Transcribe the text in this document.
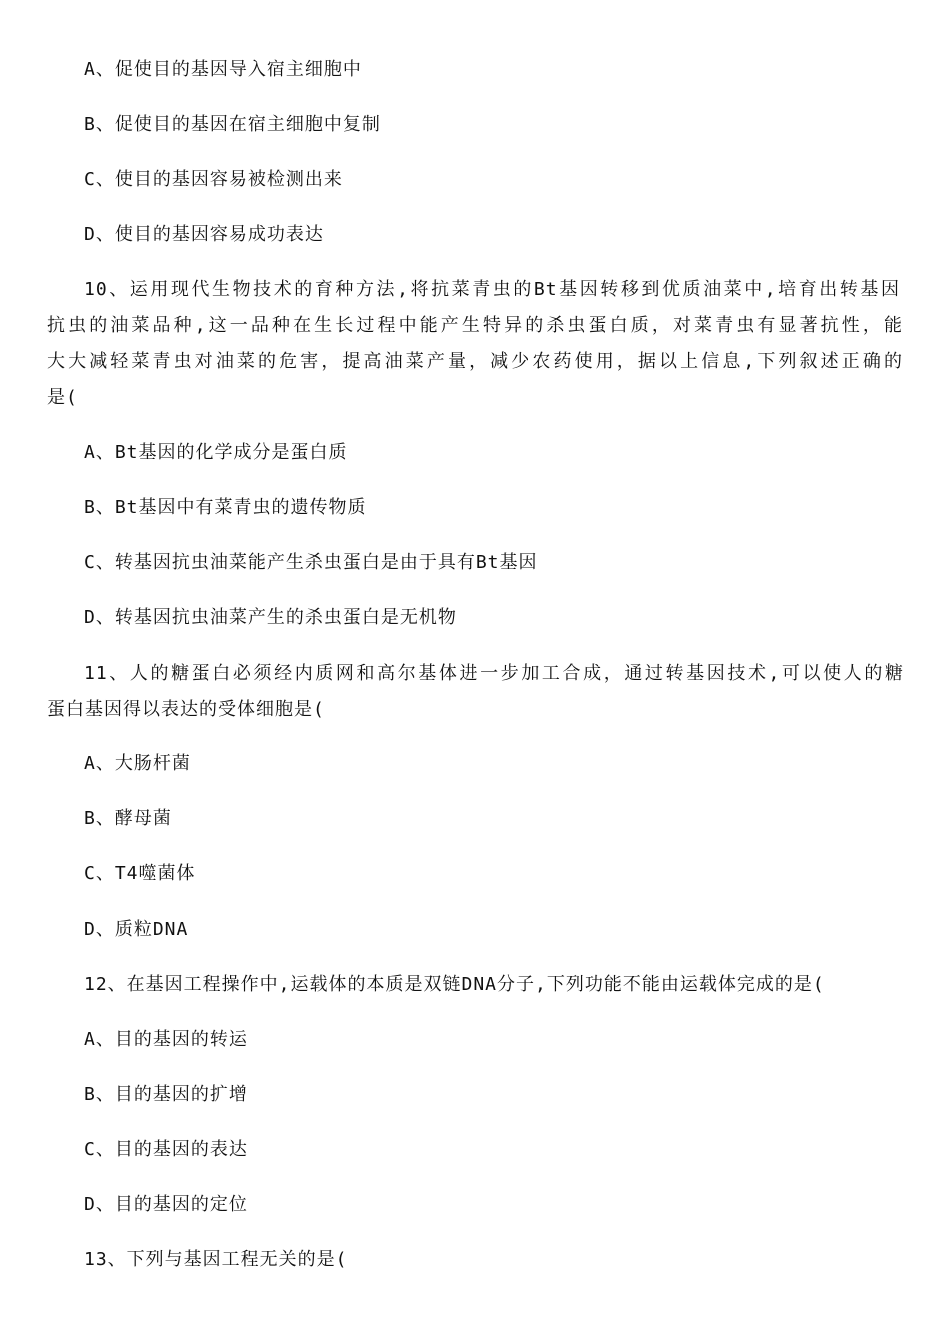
A、促使目的基因导入宿主细胞中
B、促使目的基因在宿主细胞中复制
C、使目的基因容易被检测出来
D、使目的基因容易成功表达
10、运用现代生物技术的育种方法,将抗菜青虫的Bt基因转移到优质油菜中,培育出转基因
抗虫的油菜品种,这一品种在生长过程中能产生特异的杀虫蛋白质，对菜青虫有显著抗性，能
大大减轻菜青虫对油菜的危害，提高油菜产量，减少农药使用，据以上信息,下列叙述正确的
是(
A、Bt基因的化学成分是蛋白质
B、Bt基因中有菜青虫的遗传物质
C、转基因抗虫油菜能产生杀虫蛋白是由于具有Bt基因
D、转基因抗虫油菜产生的杀虫蛋白是无机物
11、人的糖蛋白必须经内质网和高尔基体进一步加工合成，通过转基因技术,可以使人的糖
蛋白基因得以表达的受体细胞是(
A、大肠杆菌
B、酵母菌
C、T4噬菌体
D、质粒DNA
12、在基因工程操作中,运载体的本质是双链DNA分子,下列功能不能由运载体完成的是(
A、目的基因的转运
B、目的基因的扩增
C、目的基因的表达
D、目的基因的定位
13、下列与基因工程无关的是(
